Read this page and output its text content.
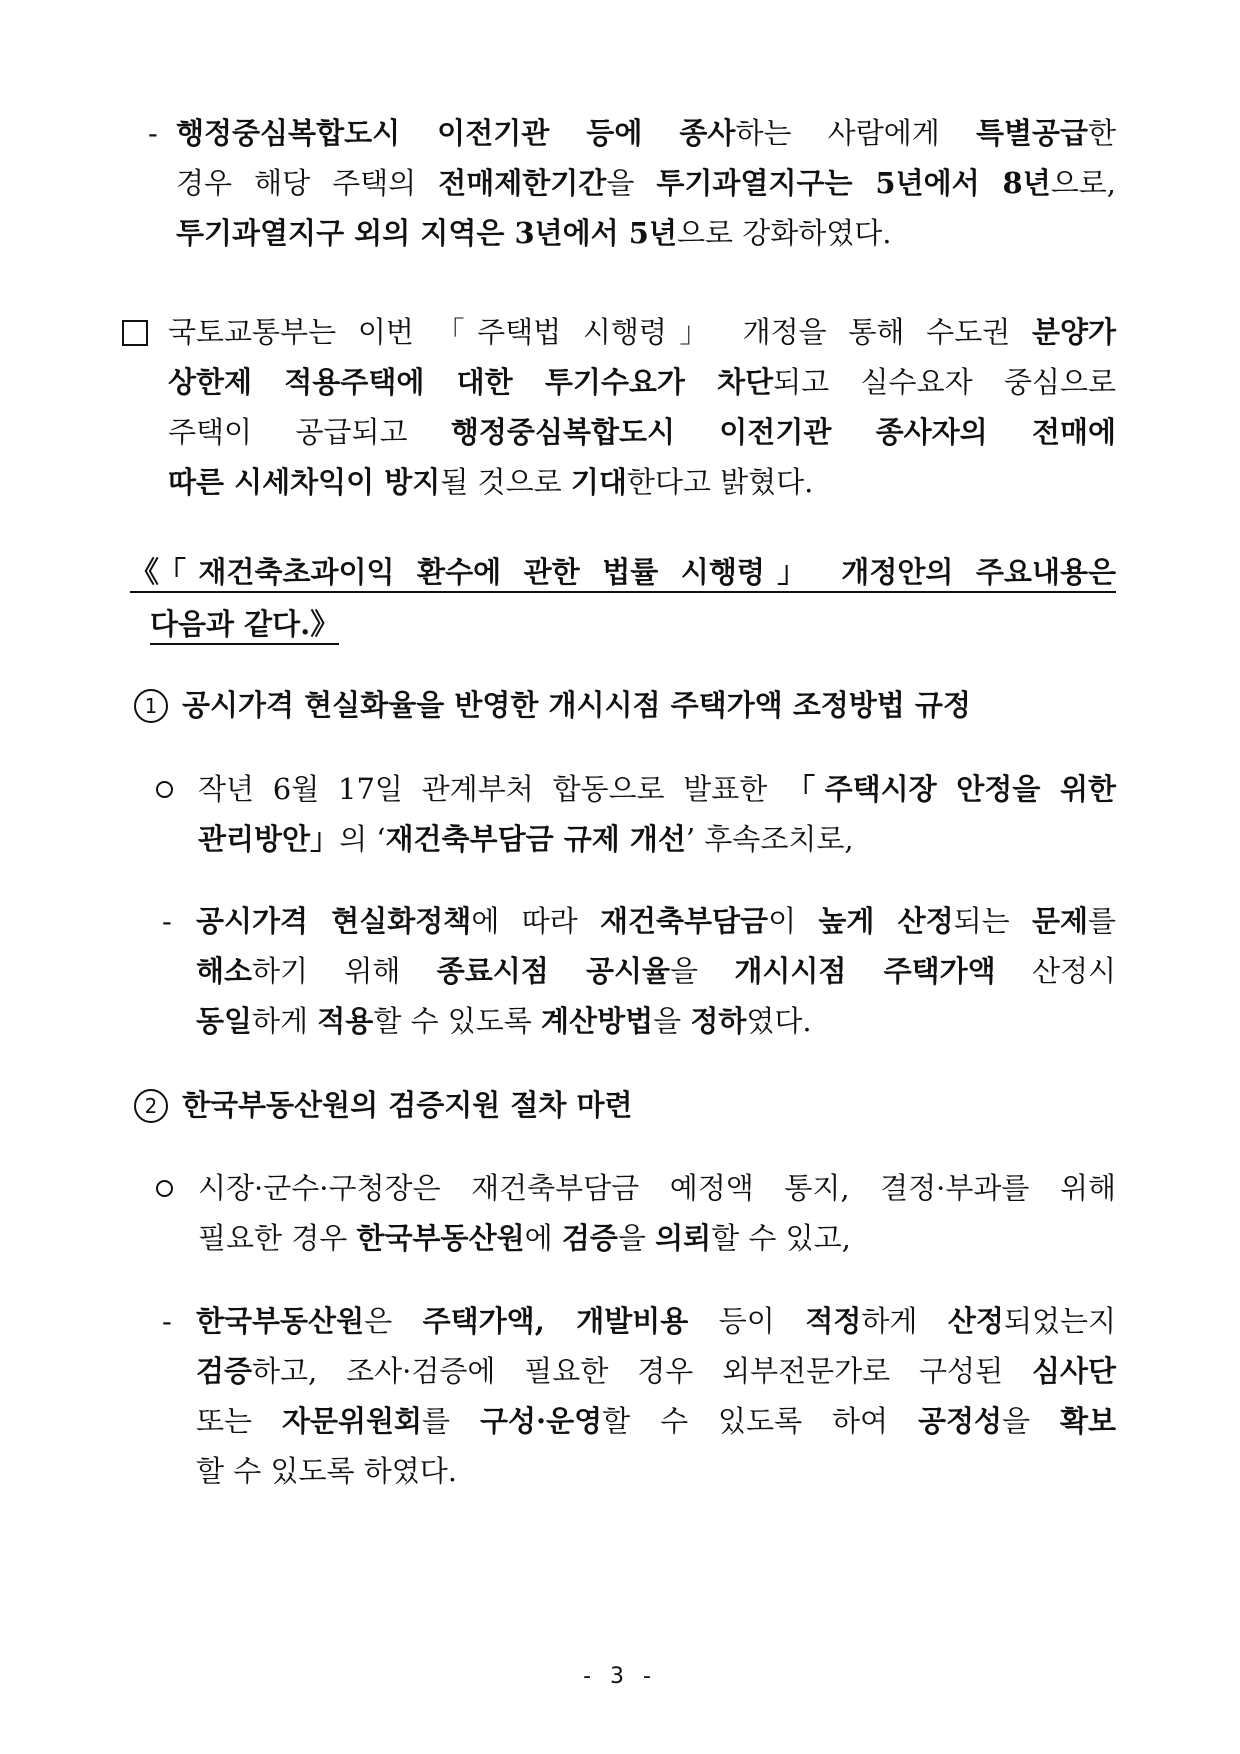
- 행정중심복합도시 이전기관 등에 종사하는 사람에게 특별공급한
경우 해당 주택의 전매제한기간을 투기과열지구는 5년에서 8년으로,
투기과열지구 외의 지역은 3년에서 5년으로 강화하였다.
국토교통부는 이번 「주택법 시행령」 개정을 통해 수도권 분양가
상한제 적용주택에 대한 투기수요가 차단되고 실수요자 중심으로
주택이 공급되고 행정중심복합도시 이전기관 종사자의 전매에
따른 시세차익이 방지될 것으로 기대한다고 밝혔다.
《「재건축초과이익 환수에 관한 법률 시행령」 개정안의 주요내용은
다음과 같다.》
1 공시가격 현실화율을 반영한 개시시점 주택가액 조정방법 규정
작년 6월 17일 관계부처 합동으로 발표한 「주택시장 안정을 위한
관리방안」의 ‘재건축부담금 규제 개선’ 후속조치로,
- 공시가격 현실화정책에 따라 재건축부담금이 높게 산정되는 문제를
해소하기 위해 종료시점 공시율을 개시시점 주택가액 산정시
동일하게 적용할 수 있도록 계산방법을 정하였다.
2 한국부동산원의 검증지원 절차 마련
시장·군수·구청장은 재건축부담금 예정액 통지, 결정·부과를 위해
필요한 경우 한국부동산원에 검증을 의뢰할 수 있고,
- 한국부동산원은 주택가액, 개발비용 등이 적정하게 산정되었는지
검증하고, 조사·검증에 필요한 경우 외부전문가로 구성된 심사단
또는 자문위원회를 구성·운영할 수 있도록 하여 공정성을 확보
할 수 있도록 하였다.
- 3 -
